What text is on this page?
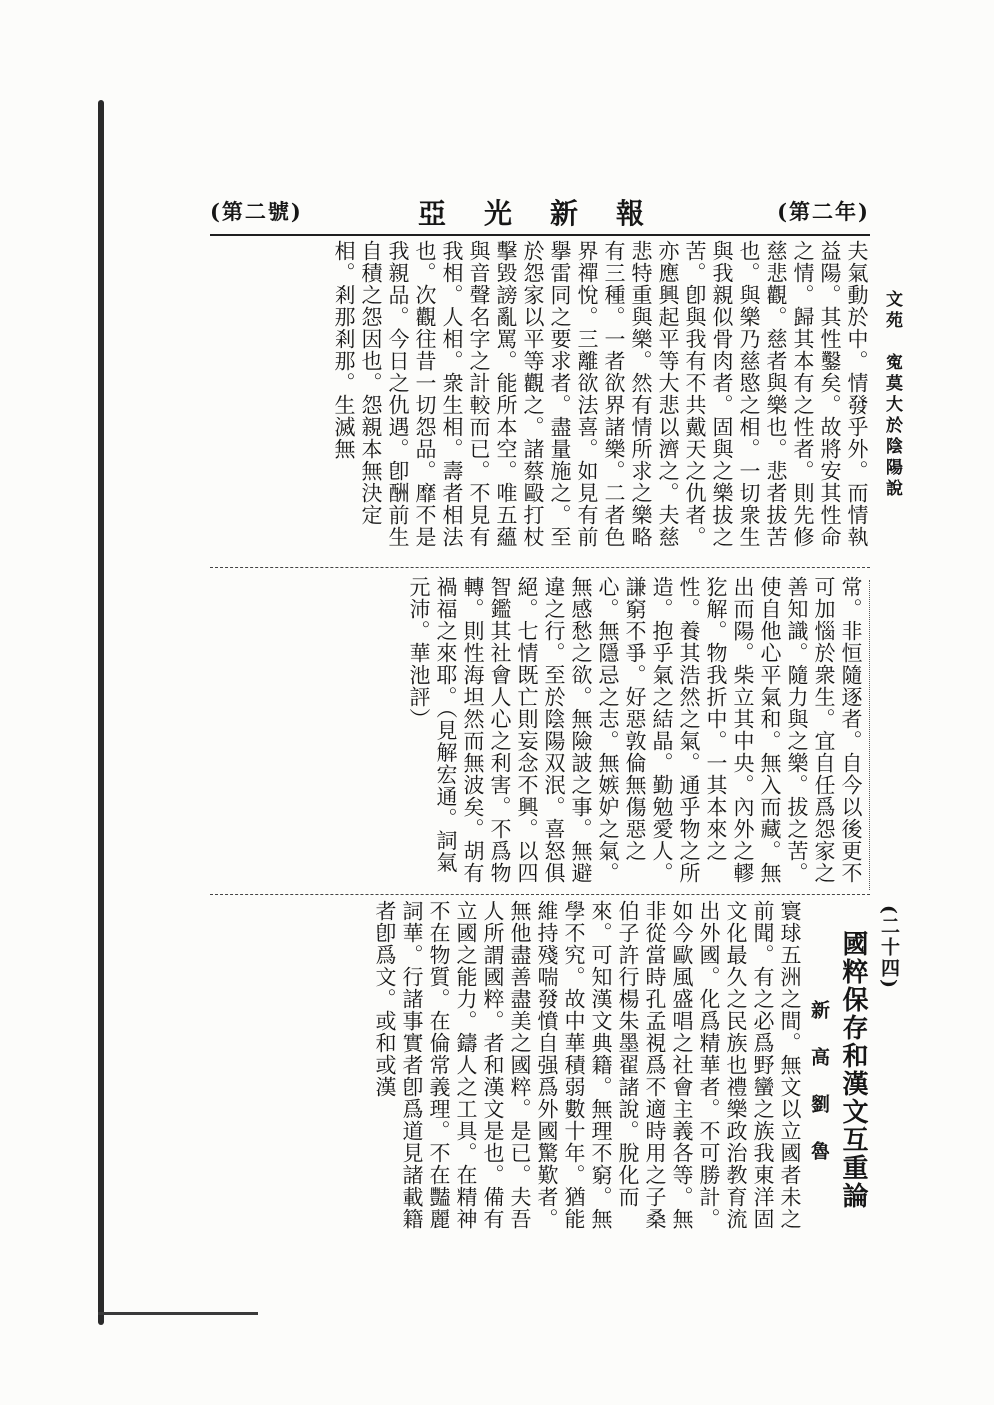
(第二號)	亞光新報	(第二年)
文苑　寃莫大於陰陽說
夫氣動於中。情發乎外。而情執益陽。其性鑿矣。故將安其性命之情。歸其本有之性者。則先修慈悲觀。慈者與樂也。悲者拔苦也。與樂乃慈愍之相。一切衆生與我親似骨肉者。固與之樂拔之苦。卽與我有不共戴天之仇者。亦應興起平等大悲以濟之。夫慈悲特重與樂。然有情所求之樂略有三種。一者欲界諸樂。二者色界禪悅。三離欲法喜。如見有前擧雷同之要求者。盡量施之。至於怨家以平等觀之。諸蔡毆打杖擊毀謗亂罵。能所本空。唯五蘊與音聲名字之計較而已。不見有我相。人相。衆生相。壽者相法也。次觀往昔一切怨品。靡不是我親品。今日之仇遇。卽酬前生自積之怨因也。怨親本無決定相。剎那剎那。生滅無
常。非恒隨逐者。自今以後更不可加惱於衆生。宜自任爲怨家之善知識。隨力與之樂。拔之苦。使自他心平氣和。無入而藏。無出而陽。柴立其中央。內外之轇犵解。物我折中。一其本來之性。養其浩然之氣。通乎物之所造。抱乎氣之結晶。勤勉愛人。謙窮不爭。好惡敦倫無傷惡之心。無隱忌之志。無嫉妒之氣。無感愁之欲。無險詖之事。無避違之行。至於陰陽双泯。喜怒俱絕。七情既亡則妄念不興。以四智鑑其社會人心之利害。不爲物轉。則性海坦然而無波矣。胡有禍福之來耶。（見解宏通。詞氣元沛。華池評）
(二十四)
國粹保存和漢文互重論
新高劉魯
寰球五洲之間。無文以立國者未之前聞。有之必爲野蠻之族我東洋固文化最久之民族也禮樂政治教育流出外國。化爲精華者。不可勝計。如今歐風盛唱之社會主義各等。無非從當時孔孟視爲不適時用之子桑伯子許行楊朱墨翟諸說。脫化而來。可知漢文典籍。無理不窮。無學不究。故中華積弱數十年。猶能維持殘喘發憤自强爲外國驚歎者。無他盡善盡美之國粹。是已。夫吾人所謂國粹。者和漢文是也。備有立國之能力。鑄人之工具。在精神不在物質。在倫常義理。不在豔麗詞華。行諸事實者卽爲道見諸載籍者卽爲文。或和或漢
